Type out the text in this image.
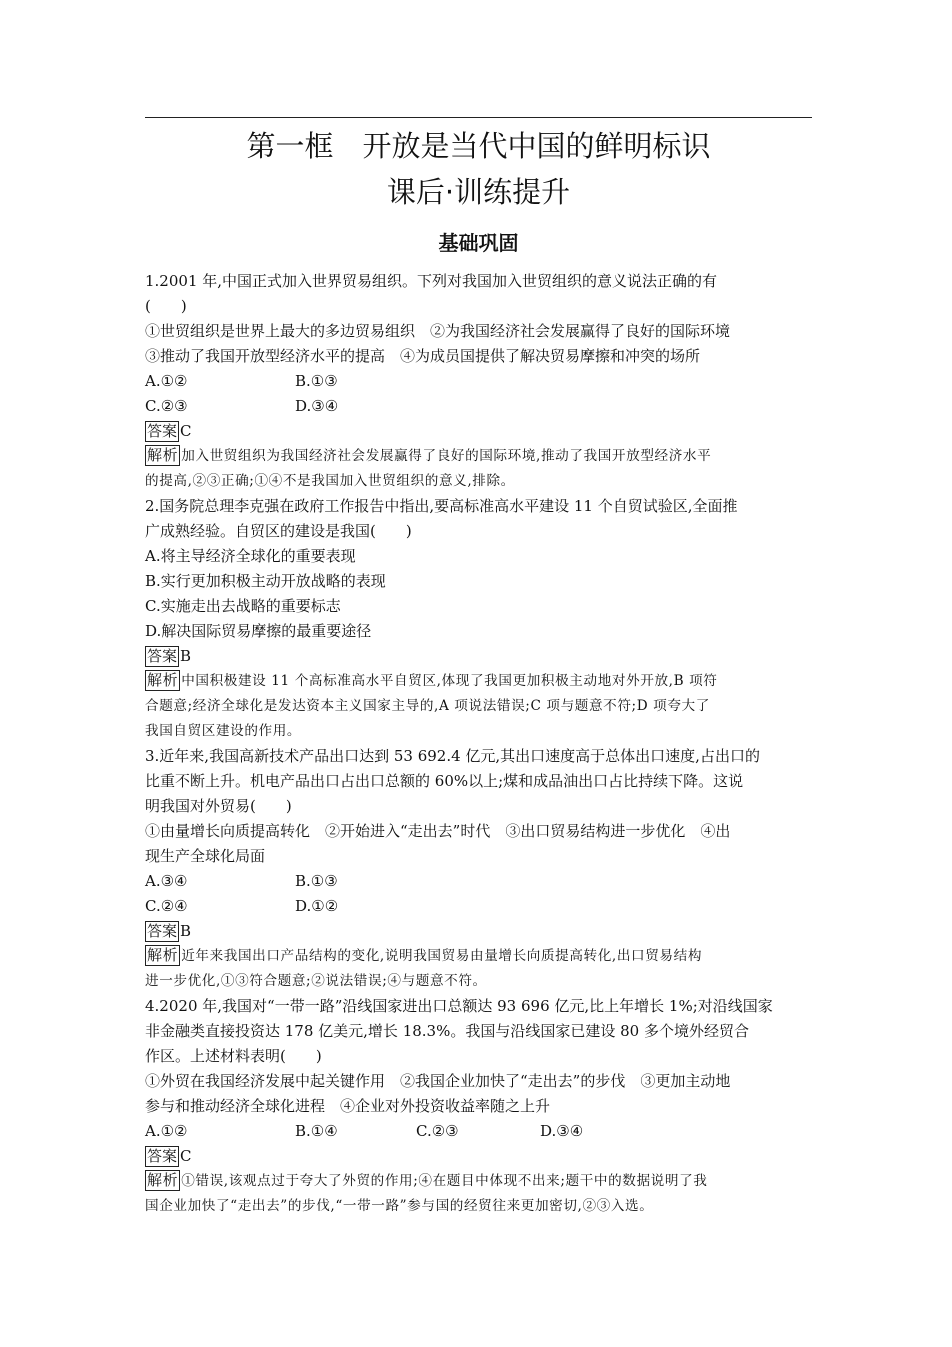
第一框　开放是当代中国的鲜明标识
课后·训练提升
基础巩固

1.2001 年,中国正式加入世界贸易组织。下列对我国加入世贸组织的意义说法正确的有

(　　)

①世贸组织是世界上最大的多边贸易组织　②为我国经济社会发展赢得了良好的国际环境

③推动了我国开放型经济水平的提高　④为成员国提供了解决贸易摩擦和冲突的场所

A.①②	B.①③

C.②③	D.③④

答案 C

解析 加入世贸组织为我国经济社会发展赢得了良好的国际环境,推动了我国开放型经济水平

的提高,②③正确;①④不是我国加入世贸组织的意义,排除。

2.国务院总理李克强在政府工作报告中指出,要高标准高水平建设 11 个自贸试验区,全面推

广成熟经验。自贸区的建设是我国(　　)

A.将主导经济全球化的重要表现

B.实行更加积极主动开放战略的表现

C.实施走出去战略的重要标志

D.解决国际贸易摩擦的最重要途径

答案 B

解析 中国积极建设 11 个高标准高水平自贸区,体现了我国更加积极主动地对外开放,B 项符

合题意;经济全球化是发达资本主义国家主导的,A 项说法错误;C 项与题意不符;D 项夸大了

我国自贸区建设的作用。

3.近年来,我国高新技术产品出口达到 53 692.4 亿元,其出口速度高于总体出口速度,占出口的

比重不断上升。机电产品出口占出口总额的 60%以上;煤和成品油出口占比持续下降。这说

明我国对外贸易(　　)

①由量增长向质提高转化　②开始进入“走出去”时代　③出口贸易结构进一步优化　④出

现生产全球化局面

A.③④	B.①③

C.②④	D.①②

答案 B

解析 近年来我国出口产品结构的变化,说明我国贸易由量增长向质提高转化,出口贸易结构

进一步优化,①③符合题意;②说法错误;④与题意不符。

4.2020 年,我国对“一带一路”沿线国家进出口总额达 93 696 亿元,比上年增长 1%;对沿线国家

非金融类直接投资达 178 亿美元,增长 18.3%。我国与沿线国家已建设 80 多个境外经贸合

作区。上述材料表明(　　)

①外贸在我国经济发展中起关键作用　②我国企业加快了“走出去”的步伐　③更加主动地

参与和推动经济全球化进程　④企业对外投资收益率随之上升

A.①②	B.①④	C.②③	D.③④

答案 C

解析 ①错误,该观点过于夸大了外贸的作用;④在题目中体现不出来;题干中的数据说明了我

国企业加快了“走出去”的步伐,“一带一路”参与国的经贸往来更加密切,②③入选。
